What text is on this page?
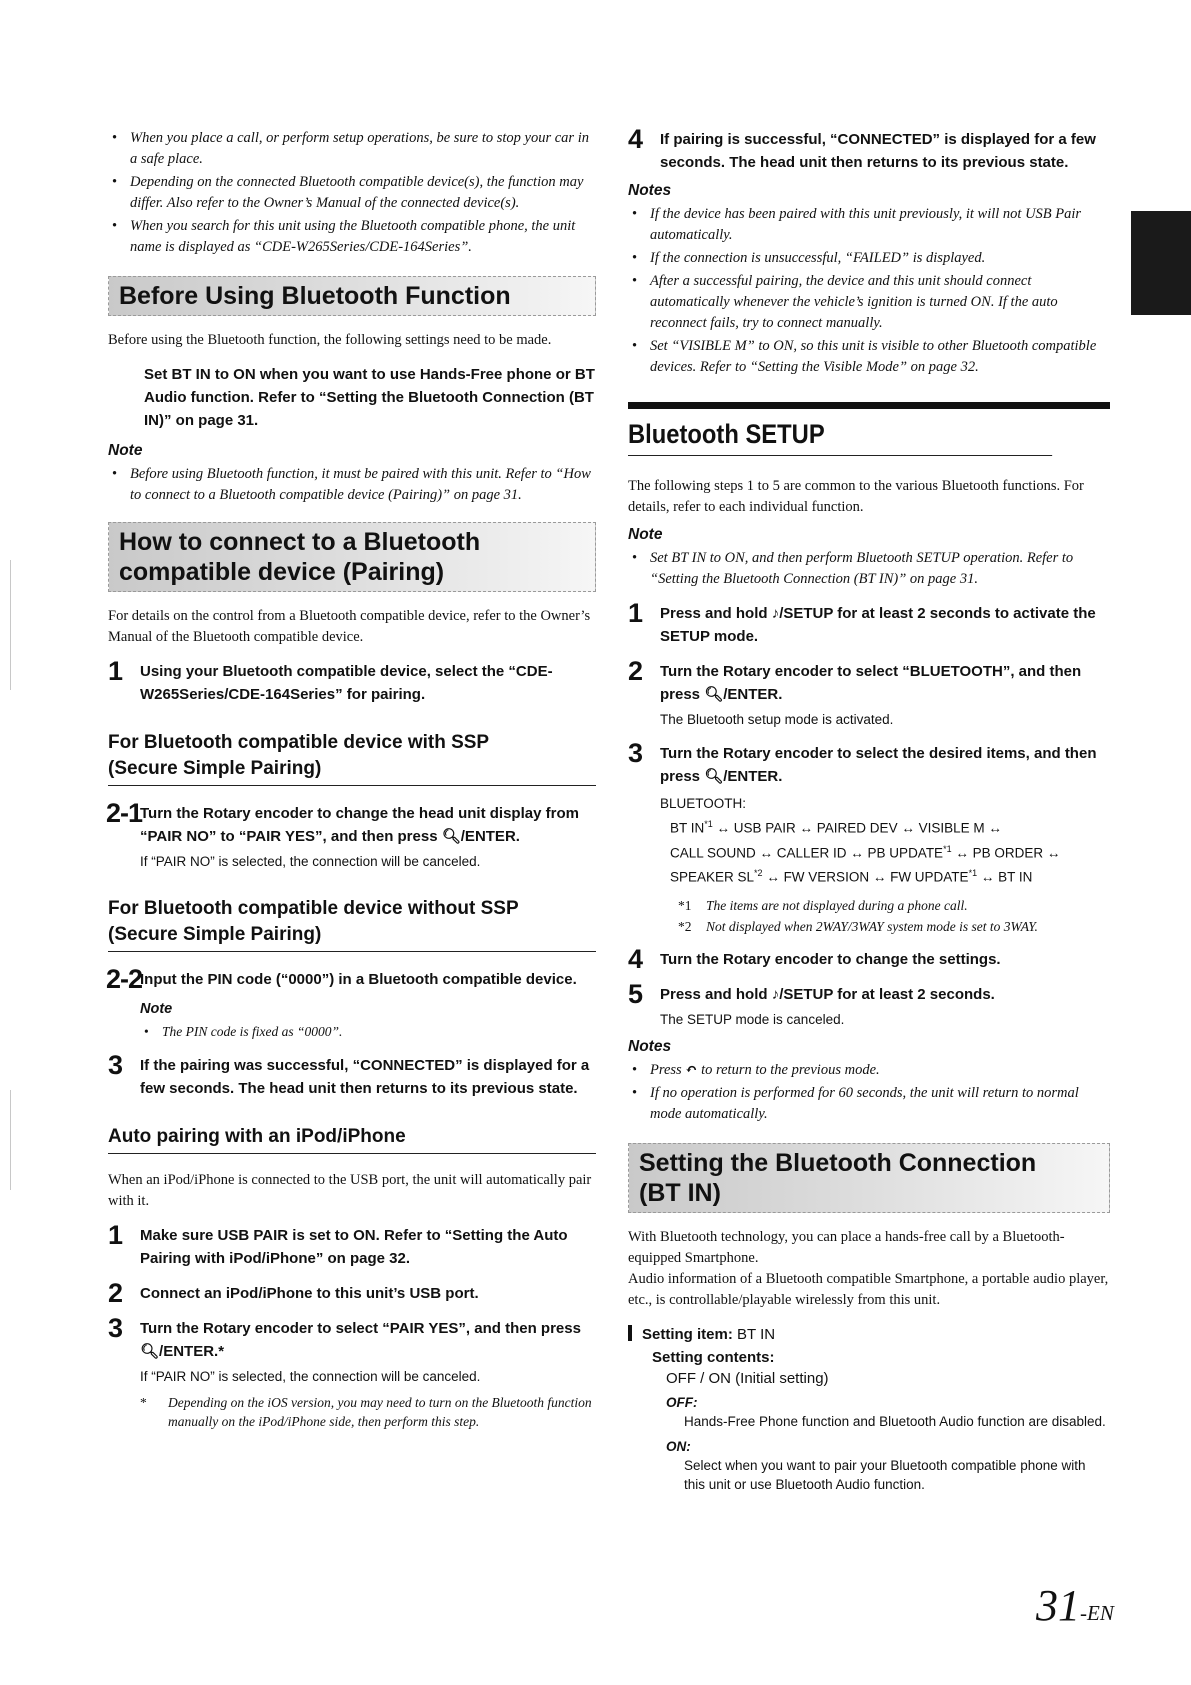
• When you place a call, or perform setup operations, be sure to stop your car in a safe place.
• Depending on the connected Bluetooth compatible device(s), the function may differ. Also refer to the Owner’s Manual of the connected device(s).
• When you search for this unit using the Bluetooth compatible phone, the unit name is displayed as “CDE-W265Series/CDE-164Series”.
Before Using Bluetooth Function

Before using the Bluetooth function, the following settings need to be made.

Set BT IN to ON when you want to use Hands-Free phone or BT Audio function. Refer to “Setting the Bluetooth Connection (BT IN)” on page 31.
Note
• Before using Bluetooth function, it must be paired with this unit. Refer to “How to connect to a Bluetooth compatible device (Pairing)” on page 31.
How to connect to a Bluetooth
compatible device (Pairing)

For details on the control from a Bluetooth compatible device, refer to the Owner’s Manual of the Bluetooth compatible device.

1 Using your Bluetooth compatible device, select the “CDE-W265Series/CDE-164Series” for pairing.
For Bluetooth compatible device with SSP
(Secure Simple Pairing)
2-1
Turn the Rotary encoder to change the head unit display from “PAIR NO” to “PAIR YES”, and then press 🔍︎/ENTER.
If “PAIR NO” is selected, the connection will be canceled.
For Bluetooth compatible device without SSP
(Secure Simple Pairing)
2-2
Input the PIN code (“0000”) in a Bluetooth compatible device.
Note
• The PIN code is fixed as “0000”.
3 If the pairing was successful, “CONNECTED” is displayed for a few seconds. The head unit then returns to its previous state.
Auto pairing with an iPod/iPhone

When an iPod/iPhone is connected to the USB port, the unit will automatically pair with it.

1 Make sure USB PAIR is set to ON. Refer to “Setting the Auto Pairing with iPod/iPhone” on page 32.
2 Connect an iPod/iPhone to this unit’s USB port.
3 Turn the Rotary encoder to select “PAIR YES”, and then press 🔍︎/ENTER.*
If “PAIR NO” is selected, the connection will be canceled.
* Depending on the iOS version, you may need to turn on the Bluetooth function manually on the iPod/iPhone side, then perform this step.
4 If pairing is successful, “CONNECTED” is displayed for a few seconds. The head unit then returns to its previous state.
Notes
• If the device has been paired with this unit previously, it will not USB Pair automatically.
• If the connection is unsuccessful, “FAILED” is displayed.
• After a successful pairing, the device and this unit should connect automatically whenever the vehicle’s ignition is turned ON. If the auto reconnect fails, try to connect manually.
• Set “VISIBLE M” to ON, so this unit is visible to other Bluetooth compatible devices. Refer to “Setting the Visible Mode” on page 32.
Bluetooth SETUP

The following steps 1 to 5 are common to the various Bluetooth functions. For details, refer to each individual function.

Note
• Set BT IN to ON, and then perform Bluetooth SETUP operation. Refer to “Setting the Bluetooth Connection (BT IN)” on page 31.
1 Press and hold ♪/SETUP for at least 2 seconds to activate the SETUP mode.
2 Turn the Rotary encoder to select “BLUETOOTH”, and then press 🔍︎/ENTER.
The Bluetooth setup mode is activated.
3 Turn the Rotary encoder to select the desired items, and then press 🔍︎/ENTER.
BLUETOOTH:
BT IN$^{*1}$ ↔ USB PAIR ↔ PAIRED DEV ↔ VISIBLE M ↔
CALL SOUND ↔ CALLER ID ↔ PB UPDATE$^{*1}$ ↔ PB ORDER ↔
SPEAKER SL$^{*2}$ ↔ FW VERSION ↔ FW UPDATE$^{*1}$ ↔ BT IN
*1 The items are not displayed during a phone call.
*2 Not displayed when 2WAY/3WAY system mode is set to 3WAY.
4 Turn the Rotary encoder to change the settings.
5 Press and hold ♪/SETUP for at least 2 seconds.
The SETUP mode is canceled.
Notes
• Press ↶ to return to the previous mode.
• If no operation is performed for 60 seconds, the unit will return to normal mode automatically.
Setting the Bluetooth Connection
(BT IN)

With Bluetooth technology, you can place a hands-free call by a Bluetooth-equipped Smartphone.

Audio information of a Bluetooth compatible Smartphone, a portable audio player, etc., is controllable/playable wirelessly from this unit.

Setting item: BT IN
Setting contents:
OFF / ON (Initial setting)
OFF:
Hands-Free Phone function and Bluetooth Audio function are disabled.
ON:
Select when you want to pair your Bluetooth compatible phone with this unit or use Bluetooth Audio function.
31-EN
